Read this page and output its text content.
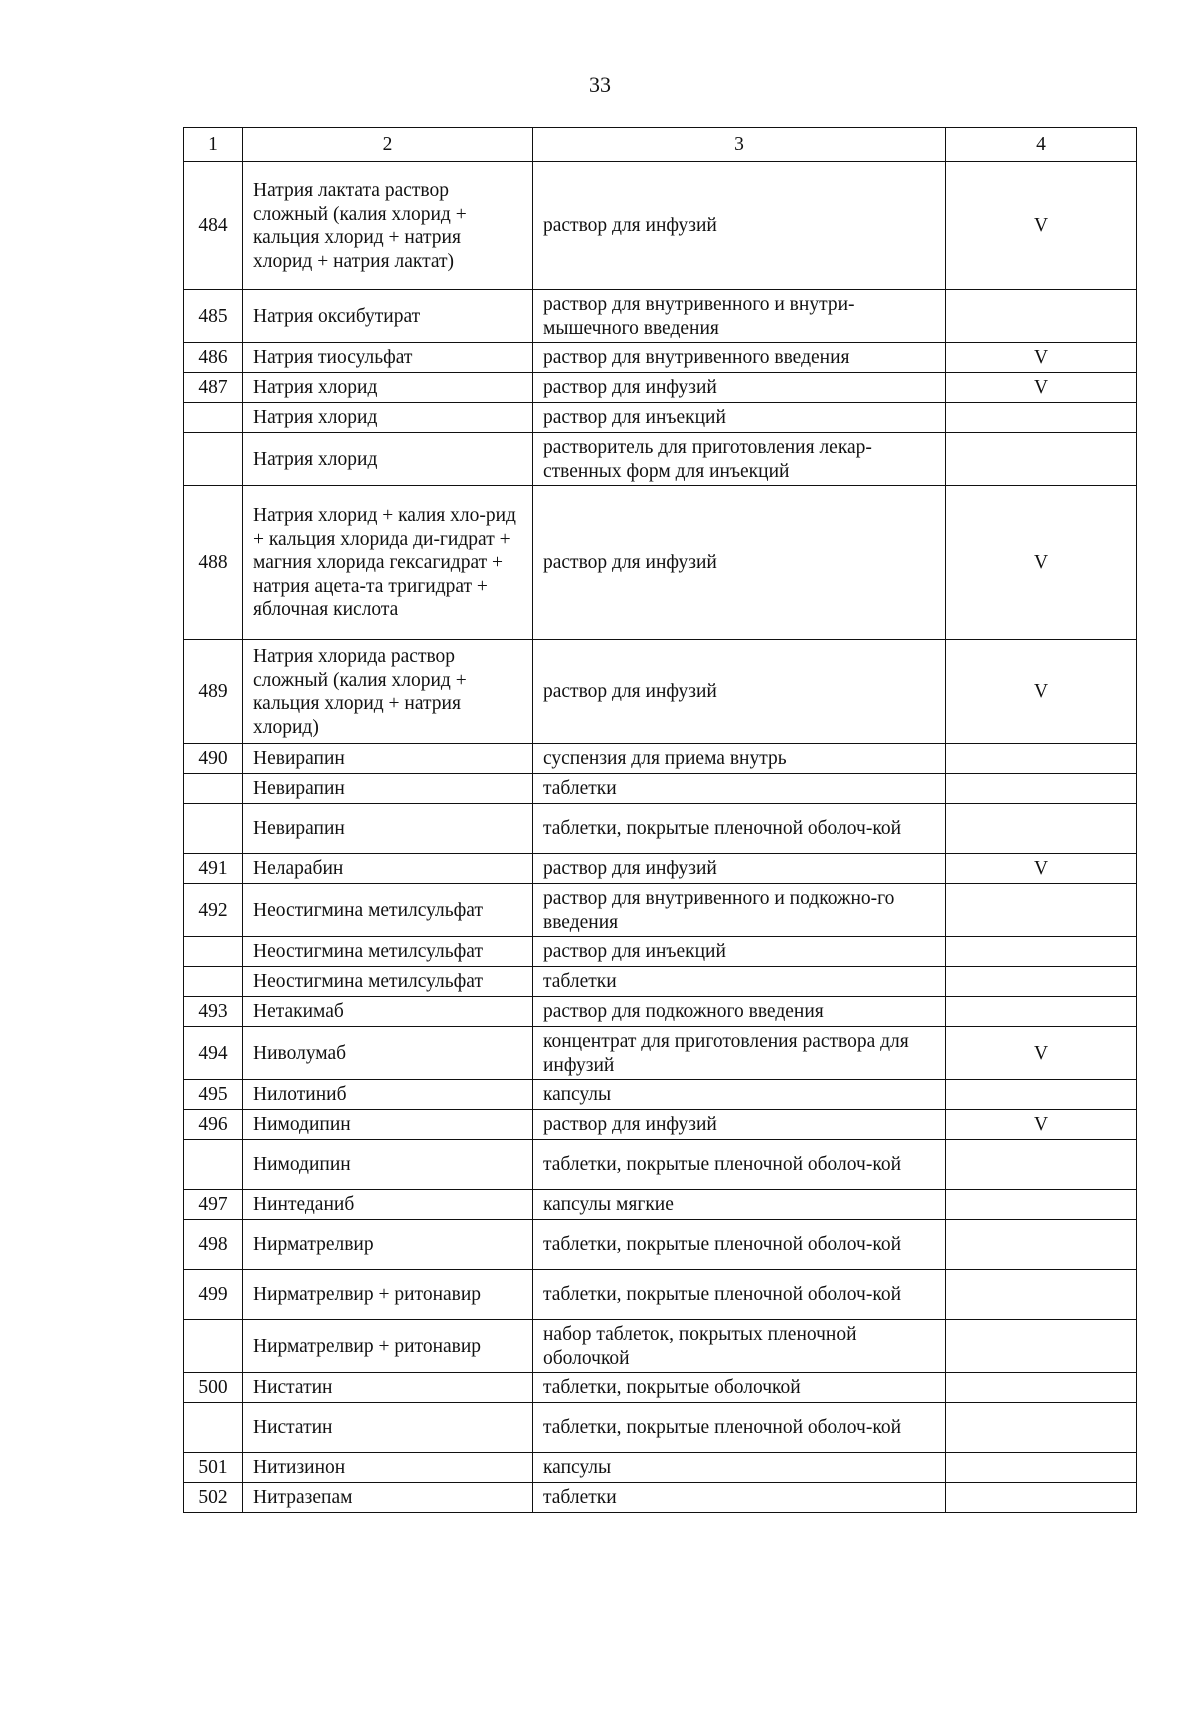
33
1	2	3	4
484	Натрия лактата раствор сложный (калия хлорид + кальция хлорид + натрия хлорид + натрия лактат)	раствор для инфузий	V
485	Натрия оксибутират	раствор для внутривенного и внутри-мышечного введения	
486	Натрия тиосульфат	раствор для внутривенного введения	V
487	Натрия хлорид	раствор для инфузий	V
	Натрия хлорид	раствор для инъекций	
	Натрия хлорид	растворитель для приготовления лекар-ственных форм для инъекций	
488	Натрия хлорид + калия хло-рид + кальция хлорида ди-гидрат + магния хлорида гексагидрат + натрия ацета-та тригидрат + яблочная кислота	раствор для инфузий	V
489	Натрия хлорида раствор сложный (калия хлорид + кальция хлорид + натрия хлорид)	раствор для инфузий	V
490	Невирапин	суспензия для приема внутрь	
	Невирапин	таблетки	
	Невирапин	таблетки, покрытые пленочной оболоч-кой	
491	Неларабин	раствор для инфузий	V
492	Неостигмина метилсульфат	раствор для внутривенного и подкожно-го введения	
	Неостигмина метилсульфат	раствор для инъекций	
	Неостигмина метилсульфат	таблетки	
493	Нетакимаб	раствор для подкожного введения	
494	Ниволумаб	концентрат для приготовления раствора для инфузий	V
495	Нилотиниб	капсулы	
496	Нимодипин	раствор для инфузий	V
	Нимодипин	таблетки, покрытые пленочной оболоч-кой	
497	Нинтеданиб	капсулы мягкие	
498	Нирматрелвир	таблетки, покрытые пленочной оболоч-кой	
499	Нирматрелвир + ритонавир	таблетки, покрытые пленочной оболоч-кой	
	Нирматрелвир + ритонавир	набор таблеток, покрытых пленочной оболочкой	
500	Нистатин	таблетки, покрытые оболочкой	
	Нистатин	таблетки, покрытые пленочной оболоч-кой	
501	Нитизинон	капсулы	
502	Нитразепам	таблетки	
